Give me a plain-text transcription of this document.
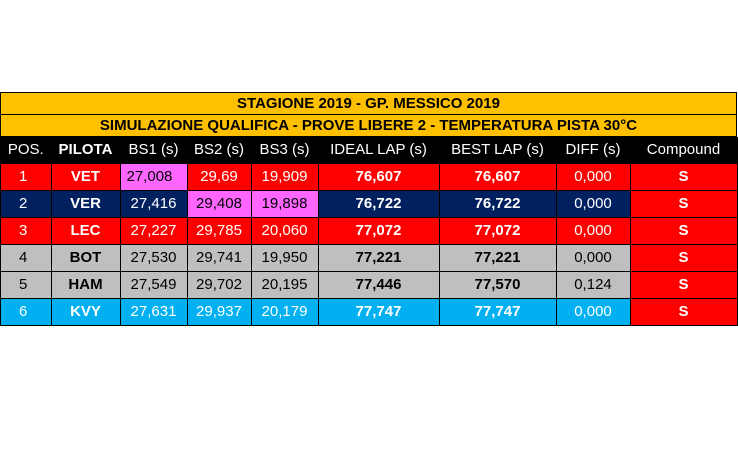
STAGIONE 2019 - GP. MESSICO 2019
SIMULAZIONE QUALIFICA - PROVE LIBERE 2 - TEMPERATURA PISTA 30°C
POS.	PILOTA	BS1 (s)	BS2 (s)	BS3 (s)	IDEAL LAP (s)	BEST LAP (s)	DIFF (s)	Compound
1	VET	27,008	29,69	19,909	76,607	76,607	0,000	S
2	VER	27,416	29,408	19,898	76,722	76,722	0,000	S
3	LEC	27,227	29,785	20,060	77,072	77,072	0,000	S
4	BOT	27,530	29,741	19,950	77,221	77,221	0,000	S
5	HAM	27,549	29,702	20,195	77,446	77,570	0,124	S
6	KVY	27,631	29,937	20,179	77,747	77,747	0,000	S
